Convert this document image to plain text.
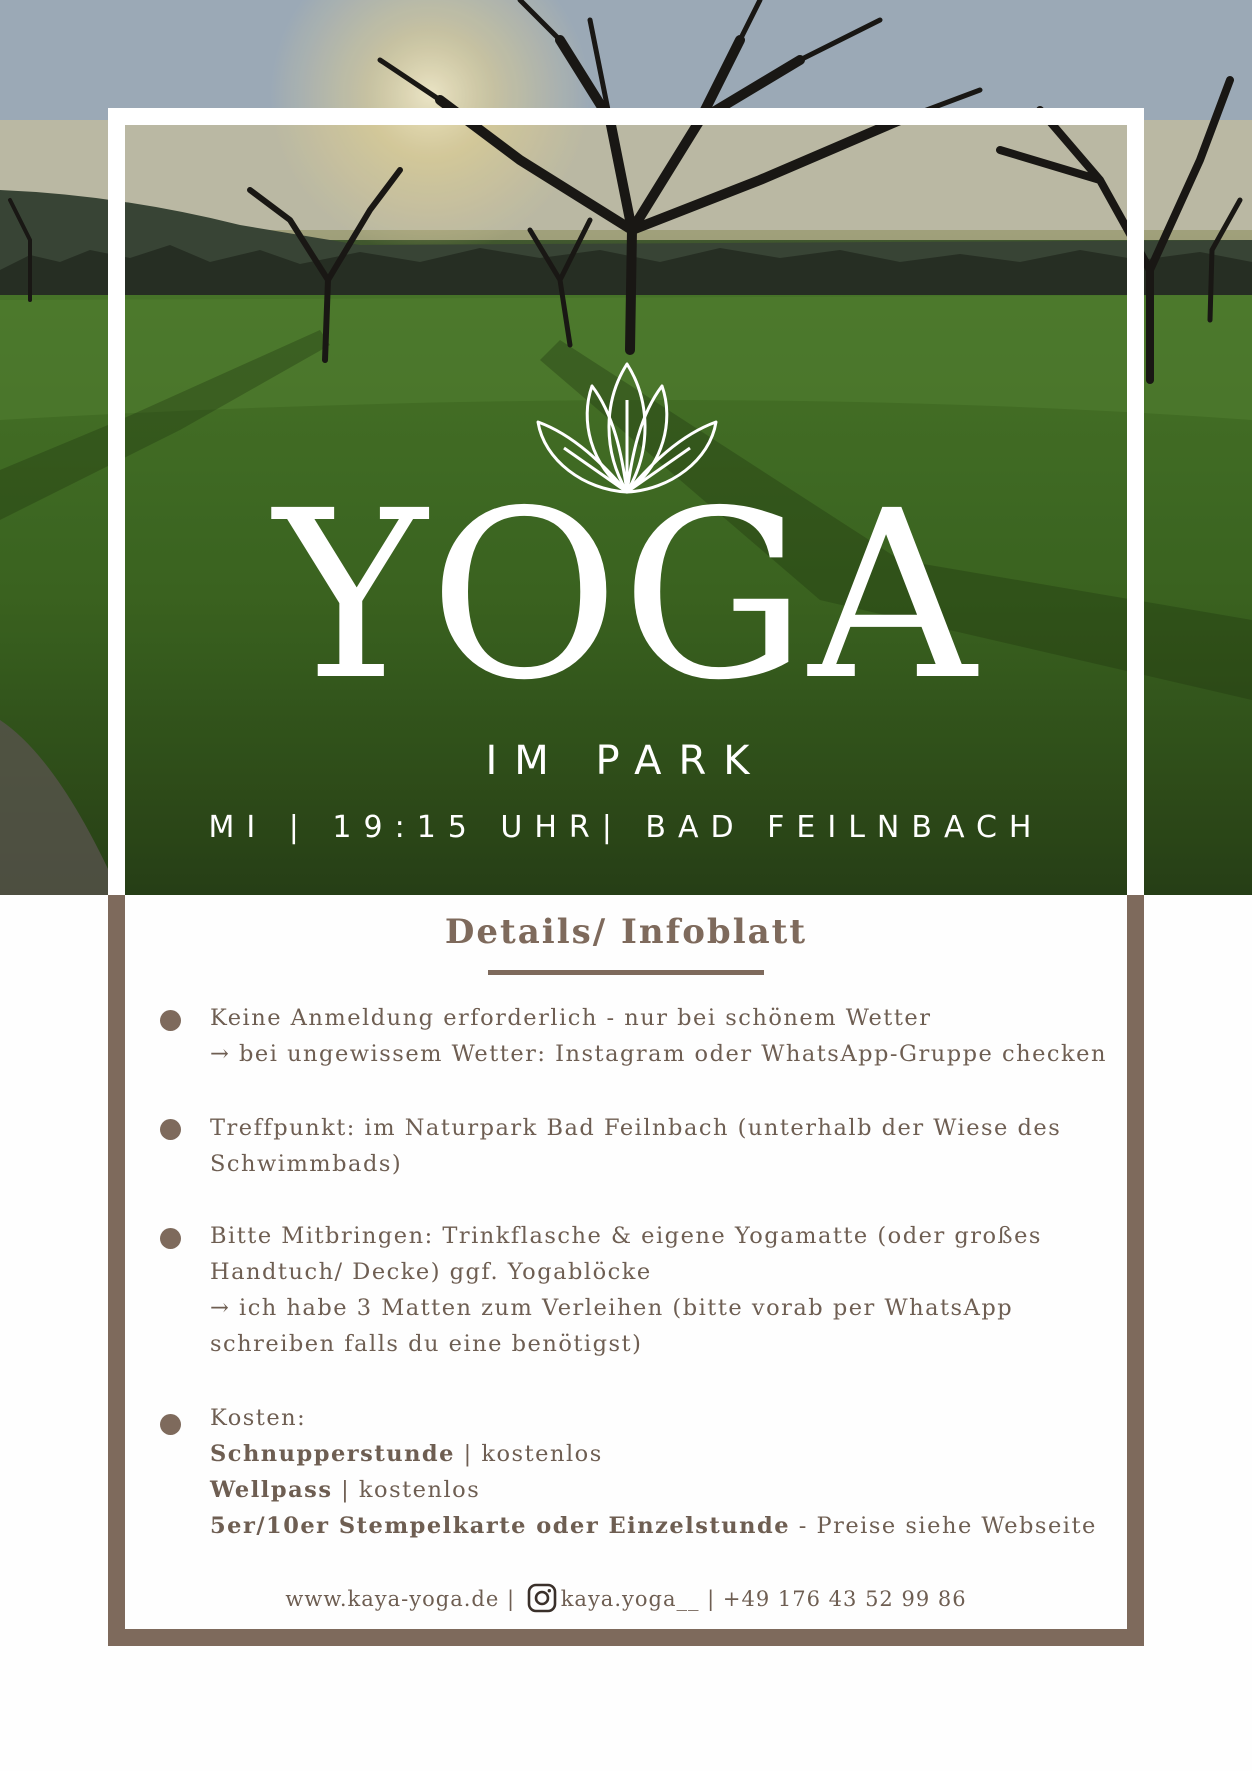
YOGA
IM PARK
MI | 19:15 UHR| BAD FEILNBACH
Details/ Infoblatt
Keine Anmeldung erforderlich - nur bei schönem Wetter
→ bei ungewissem Wetter: Instagram oder WhatsApp-Gruppe checken
Treffpunkt: im Naturpark Bad Feilnbach (unterhalb der Wiese des
Schwimmbads)
Bitte Mitbringen: Trinkflasche & eigene Yogamatte (oder großes
Handtuch/ Decke) ggf. Yogablöcke
→ ich habe 3 Matten zum Verleihen (bitte vorab per WhatsApp
schreiben falls du eine benötigst)
Kosten:
Schnupperstunde | kostenlos
Wellpass | kostenlos
5er/10er Stempelkarte oder Einzelstunde - Preise siehe Webseite
www.kaya-yoga.de | kaya.yoga__ | +49 176 43 52 99 86
